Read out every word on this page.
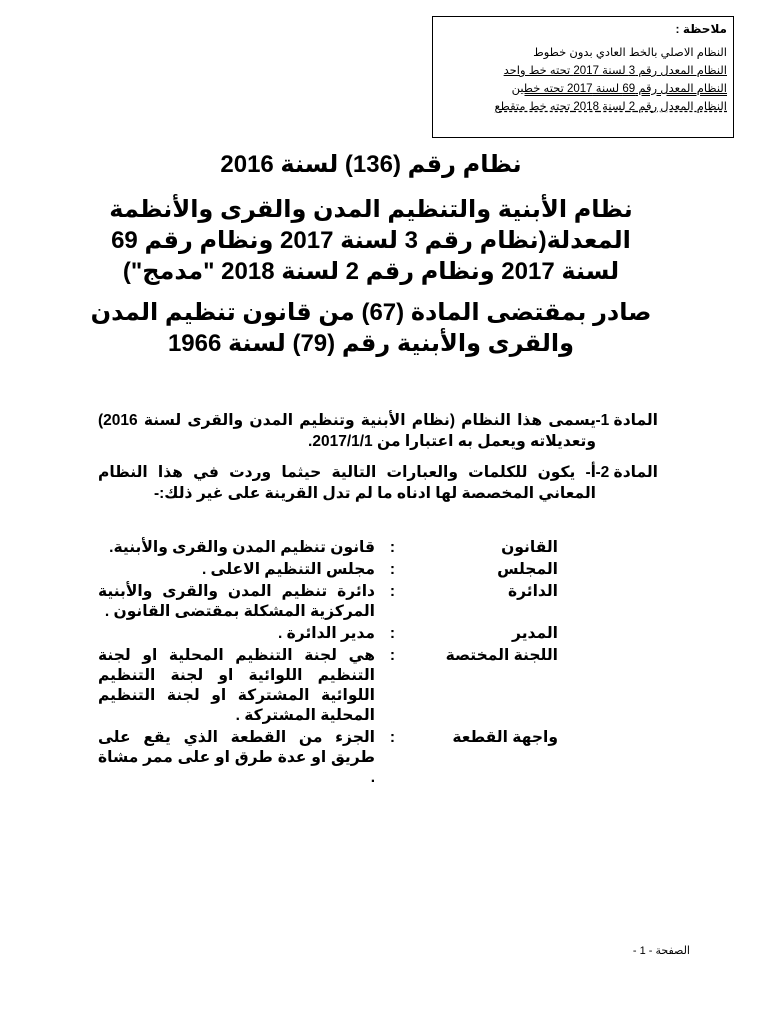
ملاحظة :
النظام الاصلي بالخط العادي بدون خطوط
النظام المعدل رقم 3 لسنة 2017 تحته خط واحد
النظام المعدل رقم 69 لسنة 2017 تحته خطين
النظام المعدل رقم 2 لسنة 2018 تحته خط متقطع
نظام رقم (136) لسنة 2016
نظام الأبنية والتنظيم المدن والقرى والأنظمة المعدلة(نظام رقم 3 لسنة 2017 ونظام رقم 69 لسنة 2017 ونظام رقم 2 لسنة 2018 "مدمج")
صادر بمقتضى المادة (67) من قانون تنظيم المدن والقرى والأبنية رقم (79) لسنة 1966
المادة 1-
يسمى هذا النظام (نظام الأبنية وتنظيم المدن والقرى لسنة 2016) وتعديلاته ويعمل به اعتبارا من 2017/1/1.
المادة 2-
أ- يكون للكلمات والعبارات التالية حيثما وردت في هذا النظام المعاني المخصصة لها ادناه ما لم تدل القرينة على غير ذلك:-
القانون
:
قانون تنظيم المدن والقرى والأبنية.
المجلس
:
مجلس التنظيم الاعلى .
الدائرة
:
دائرة تنظيم المدن والقرى والأبنية المركزية المشكلة بمقتضى القانون .
المدير
:
مدير الدائرة .
اللجنة المختصة
:
هي لجنة التنظيم المحلية او لجنة التنظيم اللوائية او لجنة التنظيم اللوائية المشتركة او لجنة التنظيم المحلية المشتركة .
واجهة القطعة
:
الجزء من القطعة الذي يقع على طريق او عدة طرق او على ممر مشاة .
الصفحة - 1 -
